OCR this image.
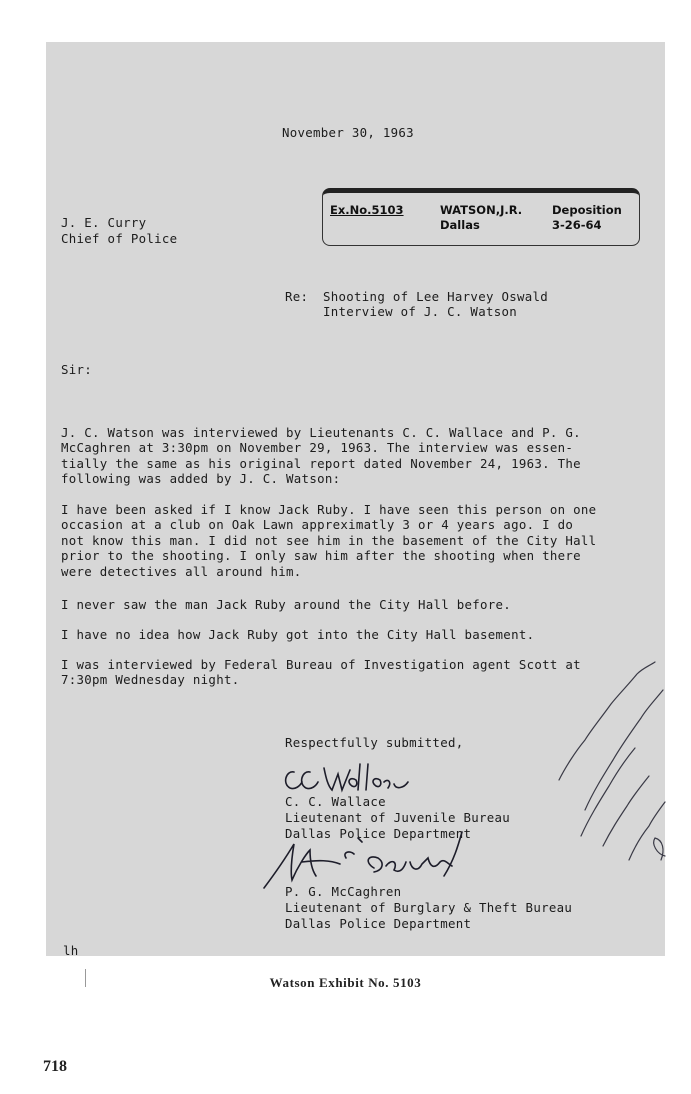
November 30, 1963
J. E. Curry
Chief of Police
Ex.No.5103	WATSON,J.R.
Dallas
Deposition
3-26-64
Re: Shooting of Lee Harvey Oswald
Interview of J. C. Watson
Sir:
J. C. Watson was interviewed by Lieutenants C. C. Wallace and P. G.
McCaghren at 3:30pm on November 29, 1963. The interview was essen-
tially the same as his original report dated November 24, 1963. The
following was added by J. C. Watson:
I have been asked if I know Jack Ruby. I have seen this person on one
occasion at a club on Oak Lawn appreximatly 3 or 4 years ago. I do
not know this man. I did not see him in the basement of the City Hall
prior to the shooting. I only saw him after the shooting when there
were detectives all around him.
I never saw the man Jack Ruby around the City Hall before.
I have no idea how Jack Ruby got into the City Hall basement.
I was interviewed by Federal Bureau of Investigation agent Scott at
7:30pm Wednesday night.
Respectfully submitted,
C. C. Wallace
Lieutenant of Juvenile Bureau
Dallas Police Department
P. G. McCaghren
Lieutenant of Burglary & Theft Bureau
Dallas Police Department
lh
Watson Exhibit No. 5103
718
